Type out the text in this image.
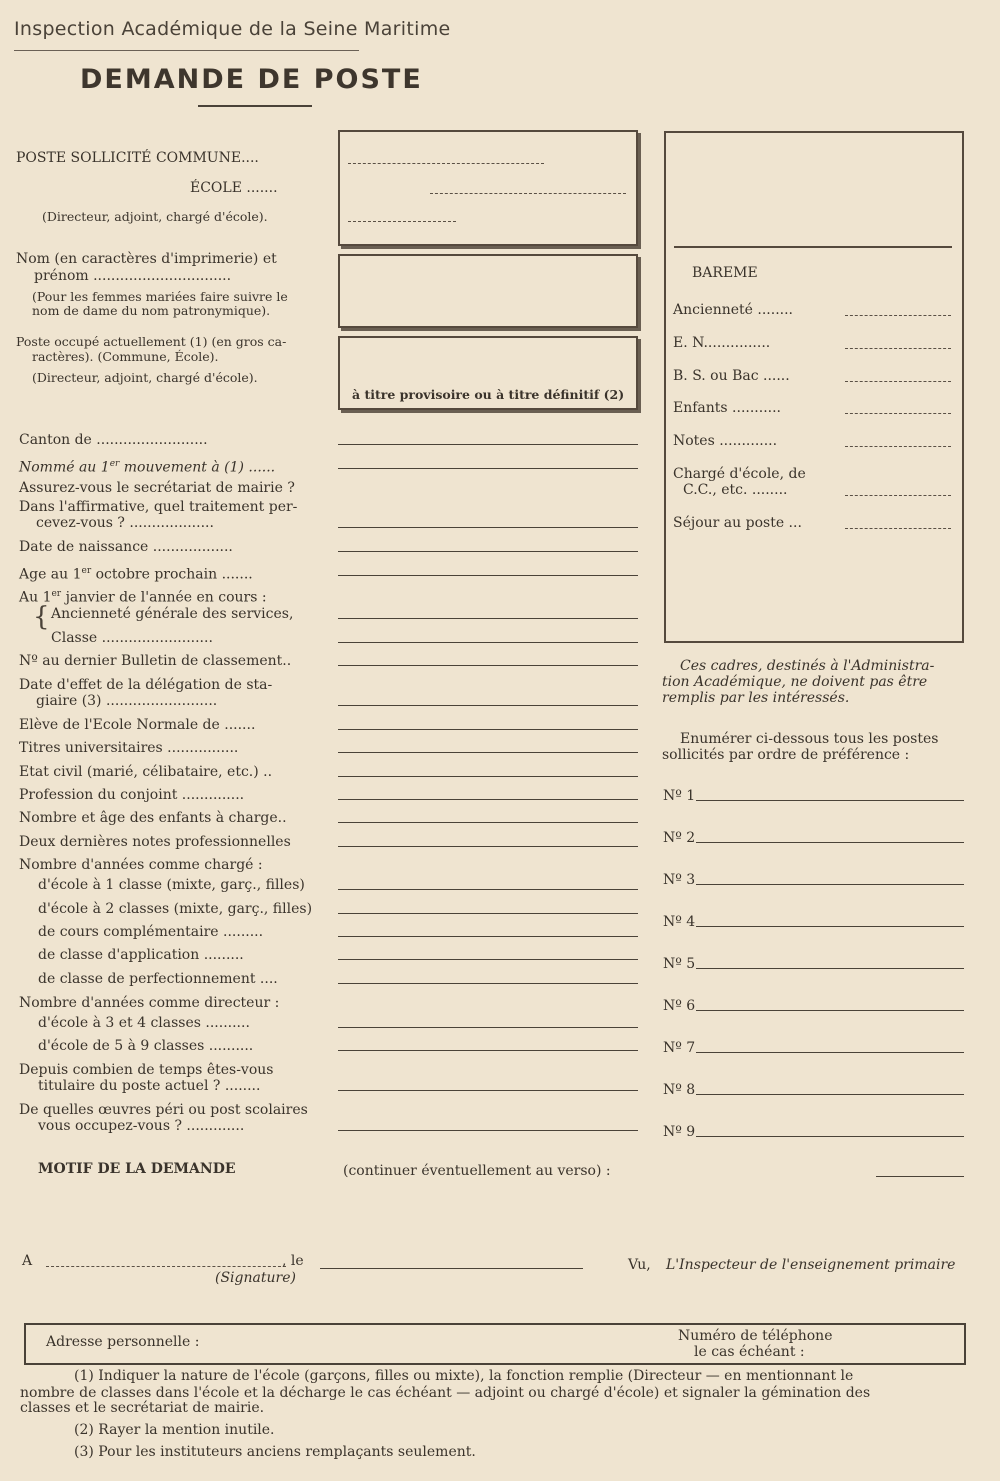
Inspection Académique de la Seine Maritime
DEMANDE DE POSTE
POSTE SOLLICITÉ COMMUNE....
ÉCOLE .......
(Directeur, adjoint, chargé d'école).
Nom (en caractères d'imprimerie) et
prénom ...............................
(Pour les femmes mariées faire suivre le
nom de dame du nom patronymique).
Poste occupé actuellement (1) (en gros ca-
ractères). (Commune, École).
(Directeur, adjoint, chargé d'école).
à titre provisoire ou à titre définitif (2)
Canton de .........................
Nommé au 1er mouvement à (1) ......
Assurez-vous le secrétariat de mairie ?
Dans l'affirmative, quel traitement per-
cevez-vous ? ...................
Date de naissance ..................
Age au 1er octobre prochain .......
Au 1er janvier de l'année en cours :
{ Ancienneté générale des services,
Classe .........................
Nº au dernier Bulletin de classement..
Date d'effet de la délégation de sta-
giaire (3) .........................
Elève de l'Ecole Normale de .......
Titres universitaires ................
Etat civil (marié, célibataire, etc.) ..
Profession du conjoint ..............
Nombre et âge des enfants à charge..
Deux dernières notes professionnelles
Nombre d'années comme chargé :
d'école à 1 classe (mixte, garç., filles)
d'école à 2 classes (mixte, garç., filles)
de cours complémentaire .........
de classe d'application .........
de classe de perfectionnement ....
Nombre d'années comme directeur :
d'école à 3 et 4 classes ..........
d'école de 5 à 9 classes ..........
Depuis combien de temps êtes-vous
titulaire du poste actuel ? ........
De quelles œuvres péri ou post scolaires
vous occupez-vous ? .............
BAREME
Ancienneté ........
E. N...............
B. S. ou Bac ......
Enfants ...........
Notes .............
Chargé d'école, de
C.C., etc. ........
Séjour au poste ...
Ces cadres, destinés à l'Administra-
tion Académique, ne doivent pas être
remplis par les intéressés.
Enumérer ci-dessous tous les postes
sollicités par ordre de préférence :
Nº 1
Nº 2
Nº 3
Nº 4
Nº 5
Nº 6
Nº 7
Nº 8
Nº 9
MOTIF DE LA DEMANDE	(continuer éventuellement au verso) :
A	, le
(Signature)
Vu, L'Inspecteur de l'enseignement primaire
Adresse personnelle :	Numéro de téléphone
le cas échéant :
(1) Indiquer la nature de l'école (garçons, filles ou mixte), la fonction remplie (Directeur — en mentionnant le
nombre de classes dans l'école et la décharge le cas échéant — adjoint ou chargé d'école) et signaler la gémination des
classes et le secrétariat de mairie.
(2) Rayer la mention inutile.
(3) Pour les instituteurs anciens remplaçants seulement.
